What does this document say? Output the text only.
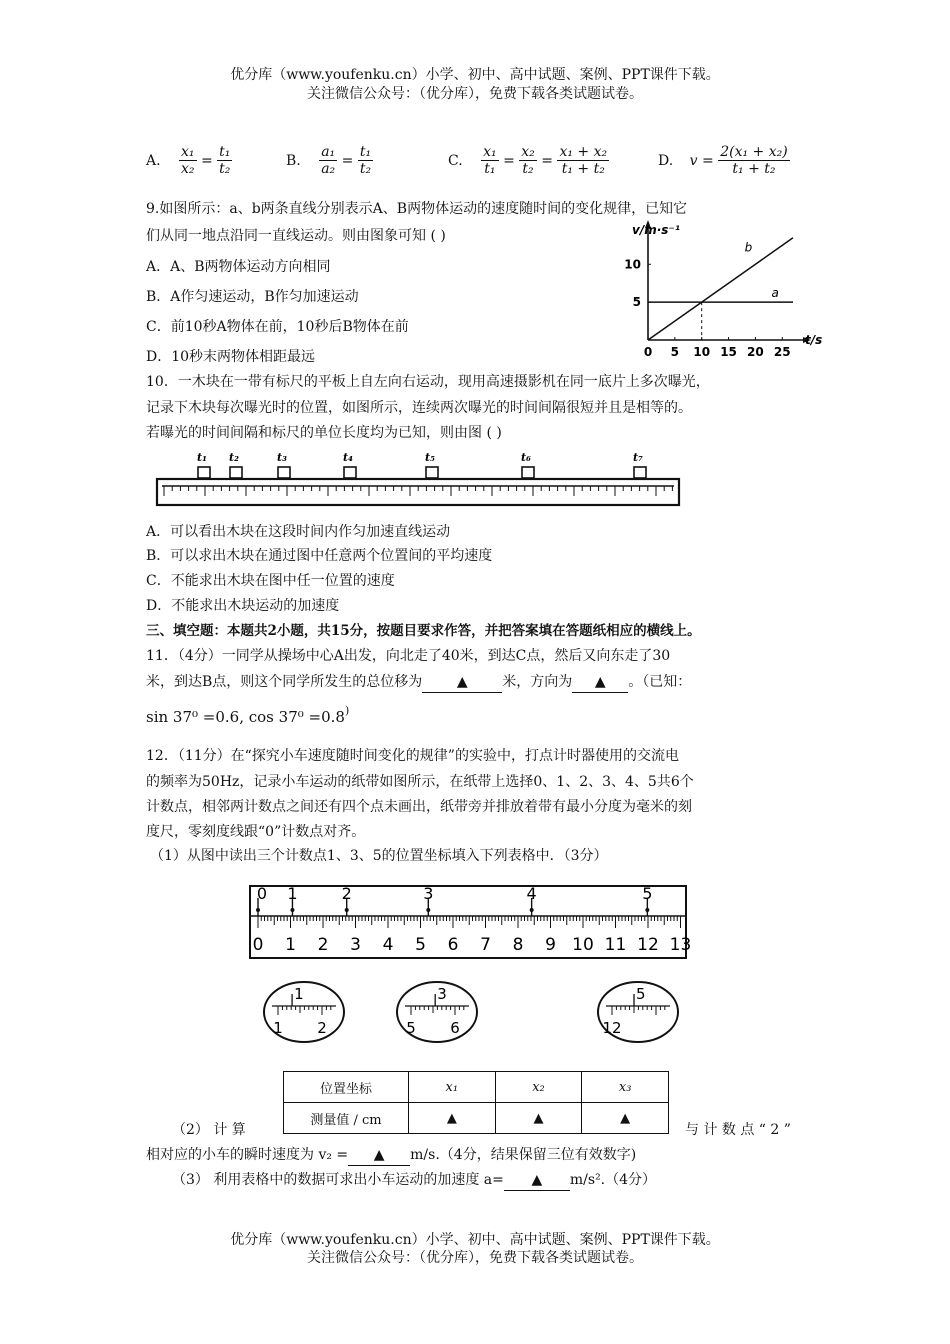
优分库（www.youfenku.cn）小学、初中、高中试题、案例、PPT课件下载。
关注微信公众号：（优分库），免费下载各类试题试卷。
A. $\frac{\text{x₁}}{\text{x₂}} = \frac{\text{t₁}}{\text{t₂}}$	B. $\frac{\text{a₁}}{\text{a₂}} = \frac{\text{t₁}}{\text{t₂}}$	C. $\frac{\text{x₁}}{\text{t₁}} = \frac{\text{x₂}}{\text{t₂}} = \frac{\text{x₁ + x₂}}{\text{t₁ + t₂}}$	D. $v = \frac{\text{2(x₁ + x₂)}}{\text{t₁ + t₂}}$
9.如图所示：a、b两条直线分别表示A、B两物体运动的速度随时间的变化规律，已知它
们从同一地点沿同一直线运动。则由图象可知 ( )
A．A、B两物体运动方向相同
B．A作匀速运动，B作匀加速运动
C．前10秒A物体在前，10秒后B物体在前
D．10秒末两物体相距最远
v/m·s⁻¹
t/s
0 5 10 15 20 25
5
10
a
b
10．一木块在一带有标尺的平板上自左向右运动，现用高速摄影机在同一底片上多次曝光，
记录下木块每次曝光时的位置，如图所示，连续两次曝光的时间间隔很短并且是相等的。
若曝光的时间间隔和标尺的单位长度均为已知，则由图 ( )
t₁ t₂	t₃	t₄	t₅	t₆	t₇
A．可以看出木块在这段时间内作匀加速直线运动
B．可以求出木块在通过图中任意两个位置间的平均速度
C．不能求出木块在图中任一位置的速度
D．不能求出木块运动的加速度
三、填空题：本题共2小题，共15分，按题目要求作答，并把答案填在答题纸相应的横线上。
11．（4分）一同学从操场中心A出发，向北走了40米，到达C点，然后又向东走了30
米，到达B点，则这个同学所发生的总位移为 ▲ 米，方向为 ▲ 。（已知：
sin 37⁰ =0.6, cos 37⁰ =0.8)
12．（11分）在“探究小车速度随时间变化的规律”的实验中，打点计时器使用的交流电
的频率为50Hz，记录小车运动的纸带如图所示，在纸带上选择0、1、2、3、4、5共6个
计数点，相邻两计数点之间还有四个点未画出，纸带旁并排放着带有最小分度为毫米的刻
度尺，零刻度线跟“0”计数点对齐。
（1）从图中读出三个计数点1、3、5的位置坐标填入下列表格中．（3分）
0 1 2 3 4 5 6 7 8 9 10 11 12 13
0 1	2	3	4	5
1
1 2
3
5 6
5
12
位置坐标	x₁	x₂	x₃
测量值 / cm	▲	▲	▲
（2） 计 算	与 计 数 点 “ 2 ”
相对应的小车的瞬时速度为 v₂ = ▲ m/s.（4分，结果保留三位有效数字)
（3） 利用表格中的数据可求出小车运动的加速度 a= ▲ m/s².（4分）
优分库（www.youfenku.cn）小学、初中、高中试题、案例、PPT课件下载。
关注微信公众号：（优分库），免费下载各类试题试卷。
